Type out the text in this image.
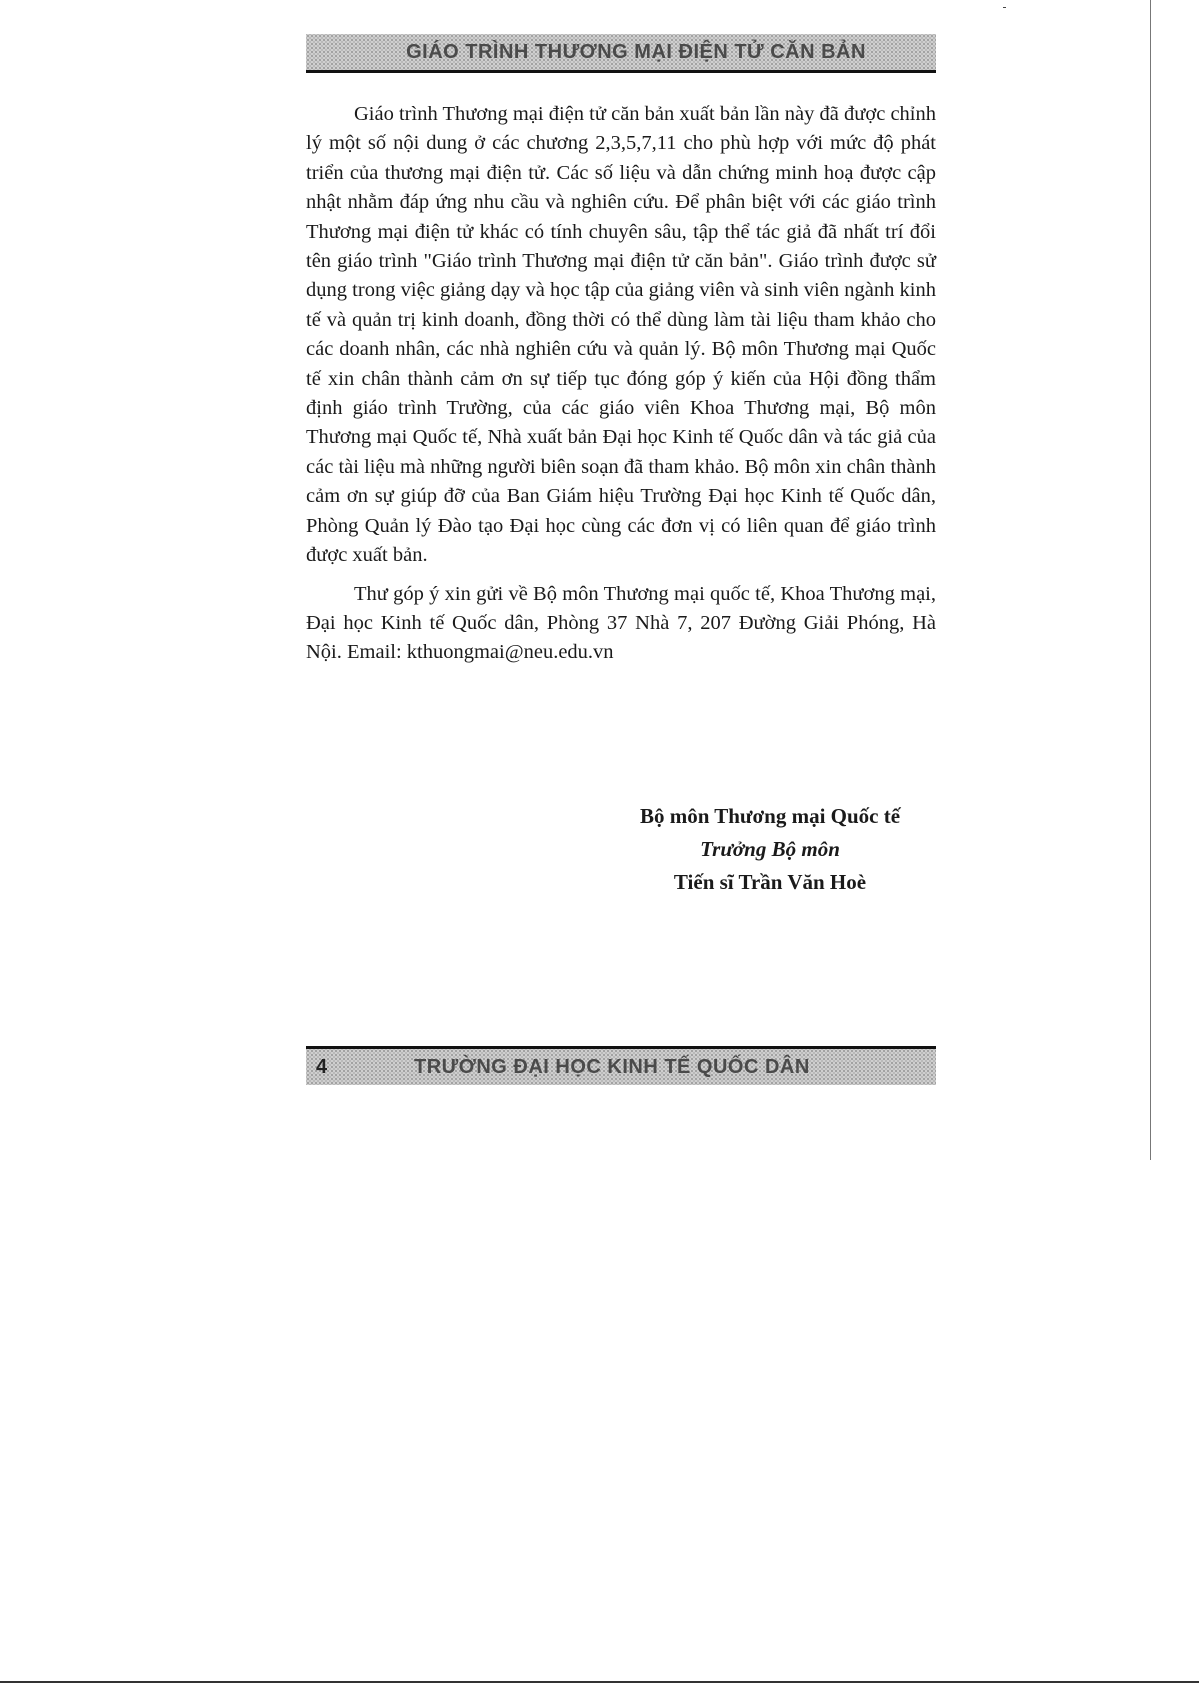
GIÁO TRÌNH THƯƠNG MẠI ĐIỆN TỬ CĂN BẢN

Giáo trình Thương mại điện tử căn bản xuất bản lần này đã được chỉnh lý một số nội dung ở các chương 2,3,5,7,11 cho phù hợp với mức độ phát triển của thương mại điện tử. Các số liệu và dẫn chứng minh hoạ được cập nhật nhằm đáp ứng nhu cầu và nghiên cứu. Để phân biệt với các giáo trình Thương mại điện tử khác có tính chuyên sâu, tập thể tác giả đã nhất trí đổi tên giáo trình "Giáo trình Thương mại điện tử căn bản". Giáo trình được sử dụng trong việc giảng dạy và học tập của giảng viên và sinh viên ngành kinh tế và quản trị kinh doanh, đồng thời có thể dùng làm tài liệu tham khảo cho các doanh nhân, các nhà nghiên cứu và quản lý. Bộ môn Thương mại Quốc tế xin chân thành cảm ơn sự tiếp tục đóng góp ý kiến của Hội đồng thẩm định giáo trình Trường, của các giáo viên Khoa Thương mại, Bộ môn Thương mại Quốc tế, Nhà xuất bản Đại học Kinh tế Quốc dân và tác giả của các tài liệu mà những người biên soạn đã tham khảo. Bộ môn xin chân thành cảm ơn sự giúp đỡ của Ban Giám hiệu Trường Đại học Kinh tế Quốc dân, Phòng Quản lý Đào tạo Đại học cùng các đơn vị có liên quan để giáo trình được xuất bản.

Thư góp ý xin gửi về Bộ môn Thương mại quốc tế, Khoa Thương mại, Đại học Kinh tế Quốc dân, Phòng 37 Nhà 7, 207 Đường Giải Phóng, Hà Nội. Email: kthuongmai@neu.edu.vn

Bộ môn Thương mại Quốc tế
Trưởng Bộ môn
Tiến sĩ Trần Văn Hoè
4	TRƯỜNG ĐẠI HỌC KINH TẾ QUỐC DÂN
